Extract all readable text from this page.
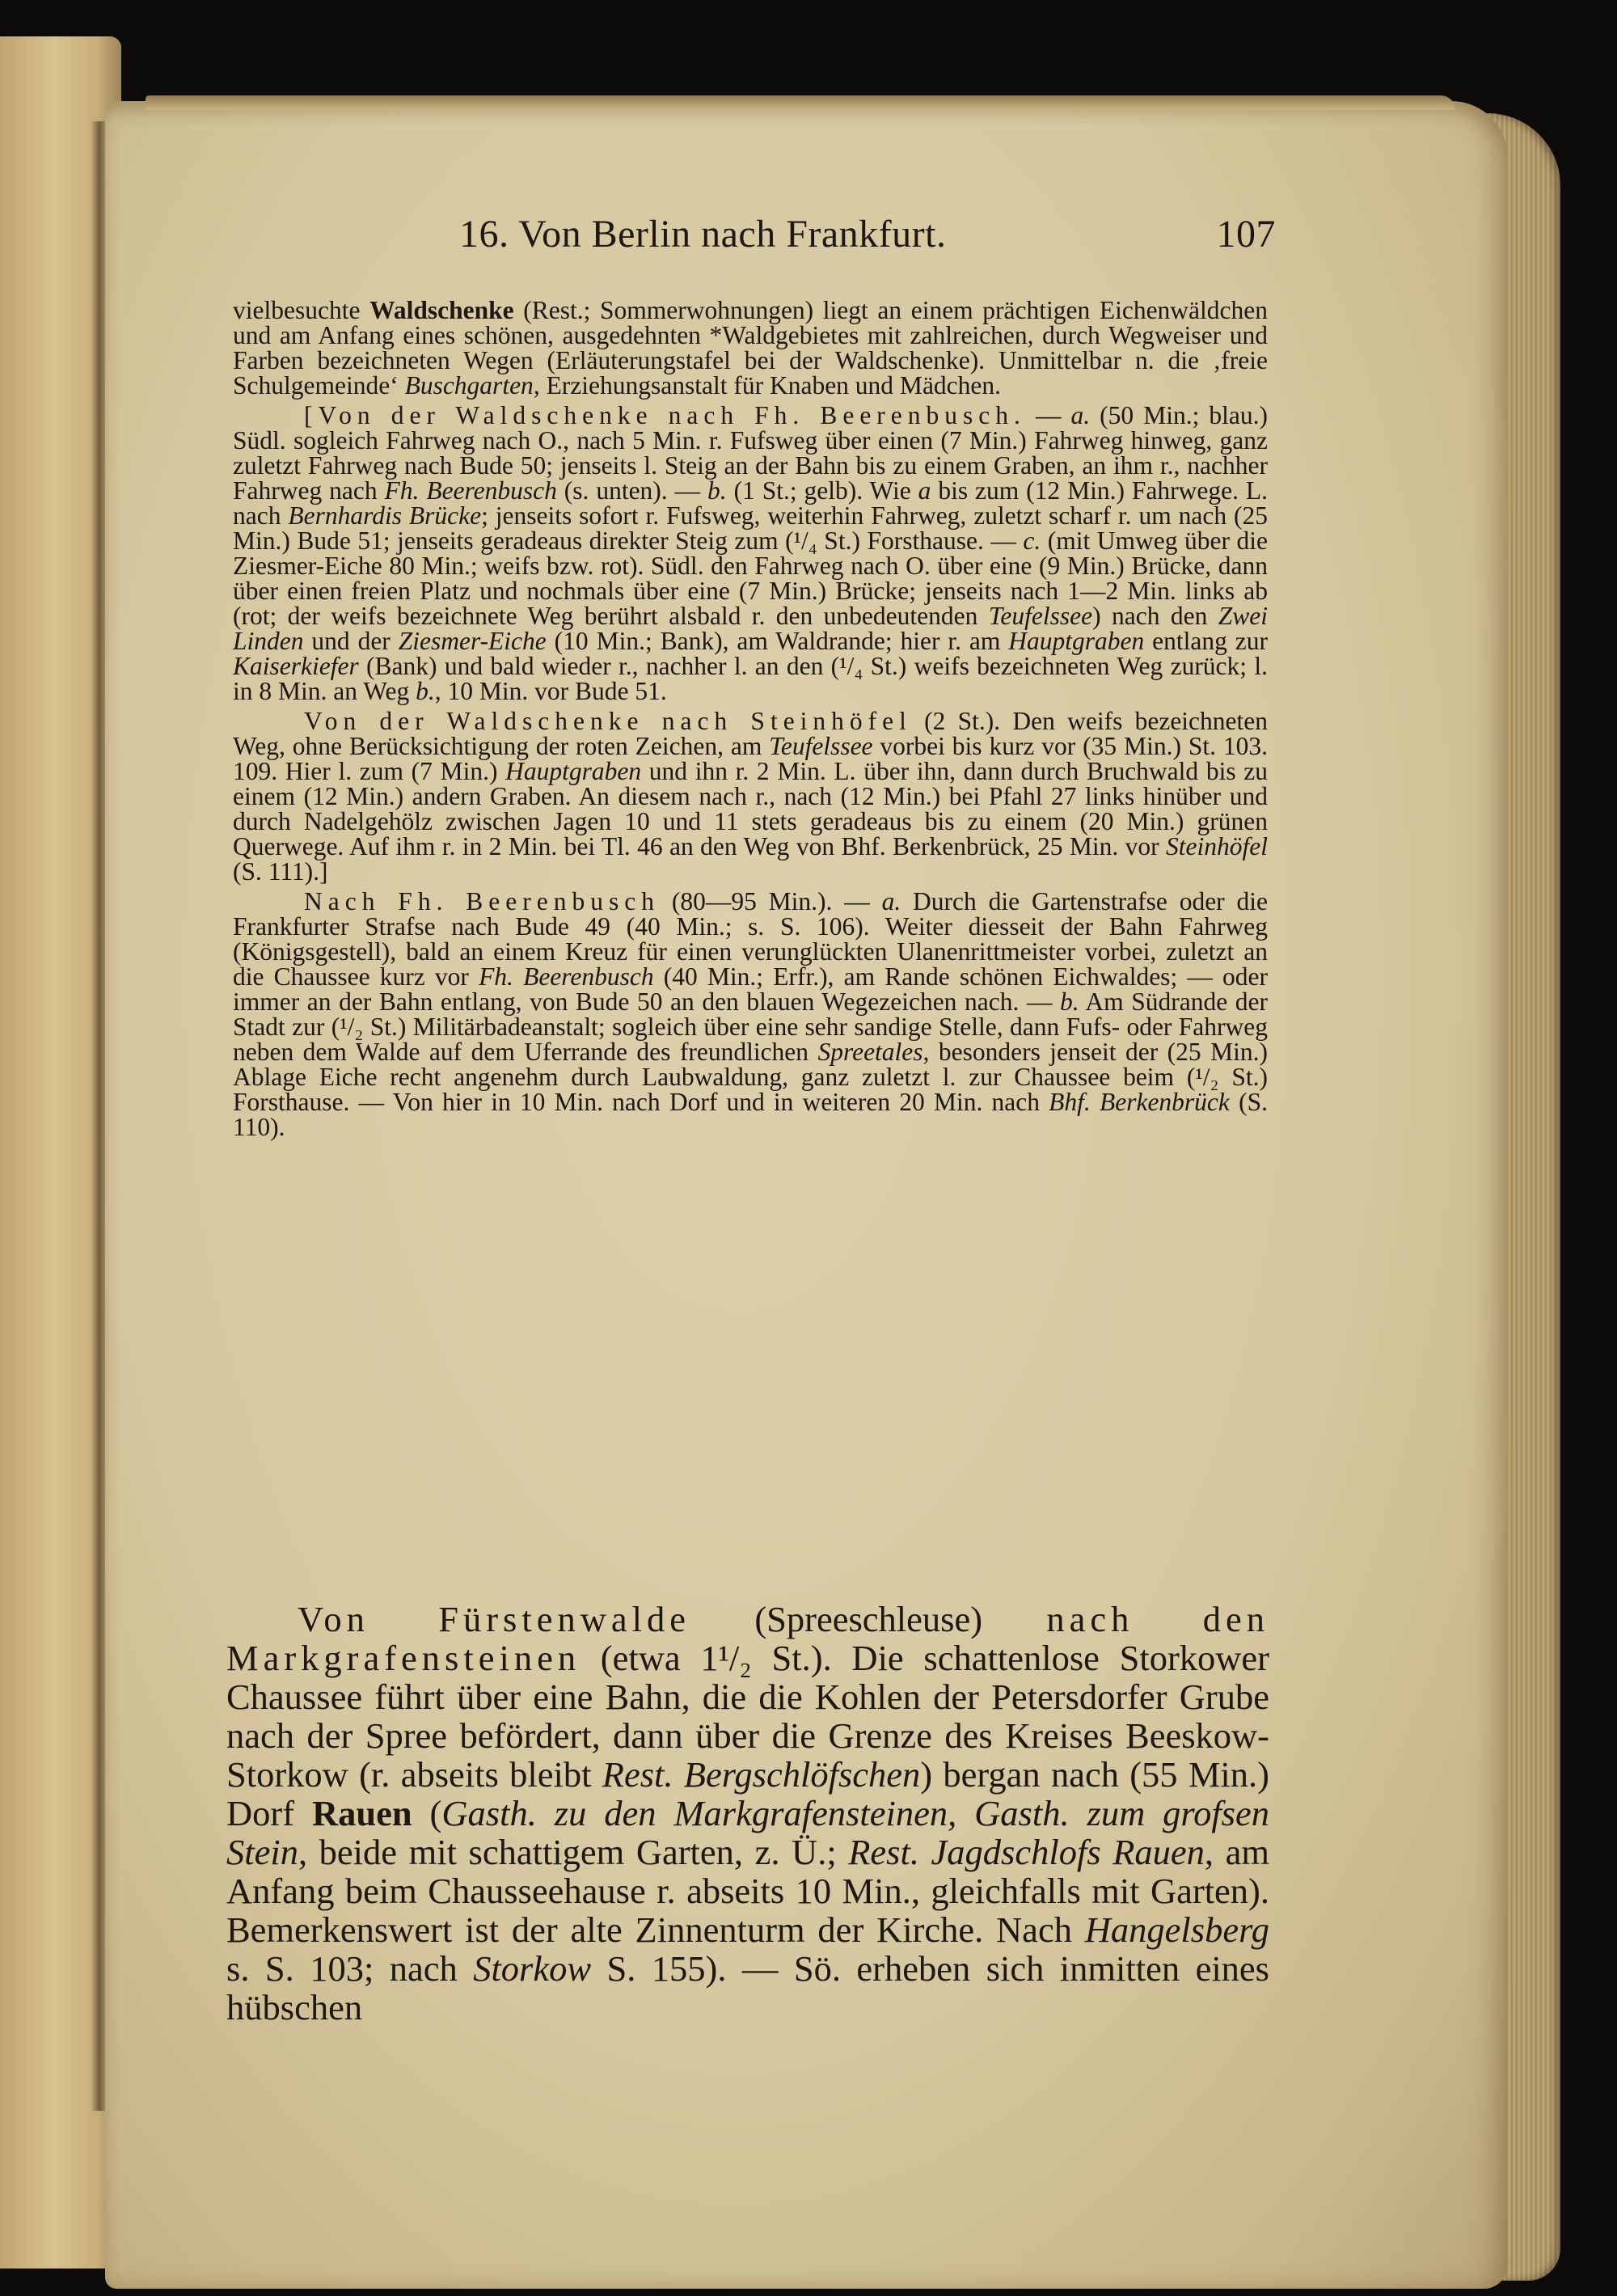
16. Von Berlin nach Frankfurt.	107

vielbesuchte Waldschenke (Rest.; Sommerwohnungen) liegt an einem prächtigen Eichenwäldchen und am Anfang eines schönen, ausgedehnten *Waldgebietes mit zahlreichen, durch Wegweiser und Farben bezeichneten Wegen (Erläuterungstafel bei der Waldschenke). Unmittelbar n. die ‚freie Schulgemeinde‘ Buschgarten, Erziehungsanstalt für Knaben und Mädchen.

[Von der Waldschenke nach Fh. Beerenbusch. — a. (50 Min.; blau.) Südl. sogleich Fahrweg nach O., nach 5 Min. r. Fufsweg über einen (7 Min.) Fahrweg hinweg, ganz zuletzt Fahrweg nach Bude 50; jenseits l. Steig an der Bahn bis zu einem Graben, an ihm r., nachher Fahrweg nach Fh. Beerenbusch (s. unten). — b. (1 St.; gelb). Wie a bis zum (12 Min.) Fahrwege. L. nach Bernhardis Brücke; jenseits sofort r. Fufsweg, weiterhin Fahrweg, zuletzt scharf r. um nach (25 Min.) Bude 51; jenseits geradeaus direkter Steig zum (¹/₄ St.) Forsthause. — c. (mit Umweg über die Ziesmer-Eiche 80 Min.; weifs bzw. rot). Südl. den Fahrweg nach O. über eine (9 Min.) Brücke, dann über einen freien Platz und nochmals über eine (7 Min.) Brücke; jenseits nach 1—2 Min. links ab (rot; der weifs bezeichnete Weg berührt alsbald r. den unbedeutenden Teufelssee) nach den Zwei Linden und der Ziesmer-Eiche (10 Min.; Bank), am Waldrande; hier r. am Hauptgraben entlang zur Kaiserkiefer (Bank) und bald wieder r., nachher l. an den (¹/₄ St.) weifs bezeichneten Weg zurück; l. in 8 Min. an Weg b., 10 Min. vor Bude 51.

Von der Waldschenke nach Steinhöfel (2 St.). Den weifs bezeichneten Weg, ohne Berücksichtigung der roten Zeichen, am Teufelssee vorbei bis kurz vor (35 Min.) St. 103. 109. Hier l. zum (7 Min.) Hauptgraben und ihn r. 2 Min. L. über ihn, dann durch Bruchwald bis zu einem (12 Min.) andern Graben. An diesem nach r., nach (12 Min.) bei Pfahl 27 links hinüber und durch Nadelgehölz zwischen Jagen 10 und 11 stets geradeaus bis zu einem (20 Min.) grünen Querwege. Auf ihm r. in 2 Min. bei Tl. 46 an den Weg von Bhf. Berkenbrück, 25 Min. vor Steinhöfel (S. 111).]

Nach Fh. Beerenbusch (80—95 Min.). — a. Durch die Gartenstrafse oder die Frankfurter Strafse nach Bude 49 (40 Min.; s. S. 106). Weiter diesseit der Bahn Fahrweg (Königsgestell), bald an einem Kreuz für einen verunglückten Ulanenrittmeister vorbei, zuletzt an die Chaussee kurz vor Fh. Beerenbusch (40 Min.; Erfr.), am Rande schönen Eichwaldes; — oder immer an der Bahn entlang, von Bude 50 an den blauen Wegezeichen nach. — b. Am Südrande der Stadt zur (¹/₂ St.) Militärbadeanstalt; sogleich über eine sehr sandige Stelle, dann Fufs- oder Fahrweg neben dem Walde auf dem Uferrande des freundlichen Spreetales, besonders jenseit der (25 Min.) Ablage Eiche recht angenehm durch Laubwaldung, ganz zuletzt l. zur Chaussee beim (¹/₂ St.) Forsthause. — Von hier in 10 Min. nach Dorf und in weiteren 20 Min. nach Bhf. Berkenbrück (S. 110).

Von Fürstenwalde (Spreeschleuse) nach den Markgrafensteinen (etwa 1¹/₂ St.). Die schattenlose Storkower Chaussee führt über eine Bahn, die die Kohlen der Petersdorfer Grube nach der Spree befördert, dann über die Grenze des Kreises Beeskow-Storkow (r. abseits bleibt Rest. Bergschlöfschen) bergan nach (55 Min.) Dorf Rauen (Gasth. zu den Markgrafensteinen, Gasth. zum grofsen Stein, beide mit schattigem Garten, z. Ü.; Rest. Jagdschlofs Rauen, am Anfang beim Chausseehause r. abseits 10 Min., gleichfalls mit Garten). Bemerkenswert ist der alte Zinnenturm der Kirche. Nach Hangelsberg s. S. 103; nach Storkow S. 155). — Sö. erheben sich inmitten eines hübschen
